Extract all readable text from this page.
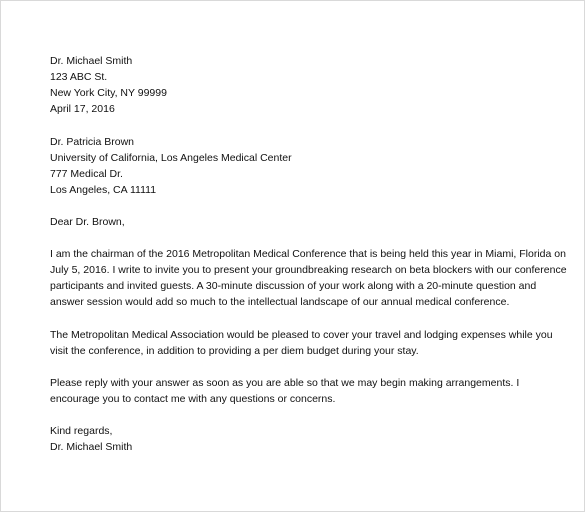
Dr. Michael Smith
123 ABC St.
New York City, NY 99999
April 17, 2016
Dr. Patricia Brown
University of California, Los Angeles Medical Center
777 Medical Dr.
Los Angeles, CA 11111
Dear Dr. Brown,
I am the chairman of the 2016 Metropolitan Medical Conference that is being held this year in Miami, Florida on
July 5, 2016. I write to invite you to present your groundbreaking research on beta blockers with our conference
participants and invited guests. A 30-minute discussion of your work along with a 20-minute question and
answer session would add so much to the intellectual landscape of our annual medical conference.
The Metropolitan Medical Association would be pleased to cover your travel and lodging expenses while you
visit the conference, in addition to providing a per diem budget during your stay.
Please reply with your answer as soon as you are able so that we may begin making arrangements. I
encourage you to contact me with any questions or concerns.
Kind regards,
Dr. Michael Smith
